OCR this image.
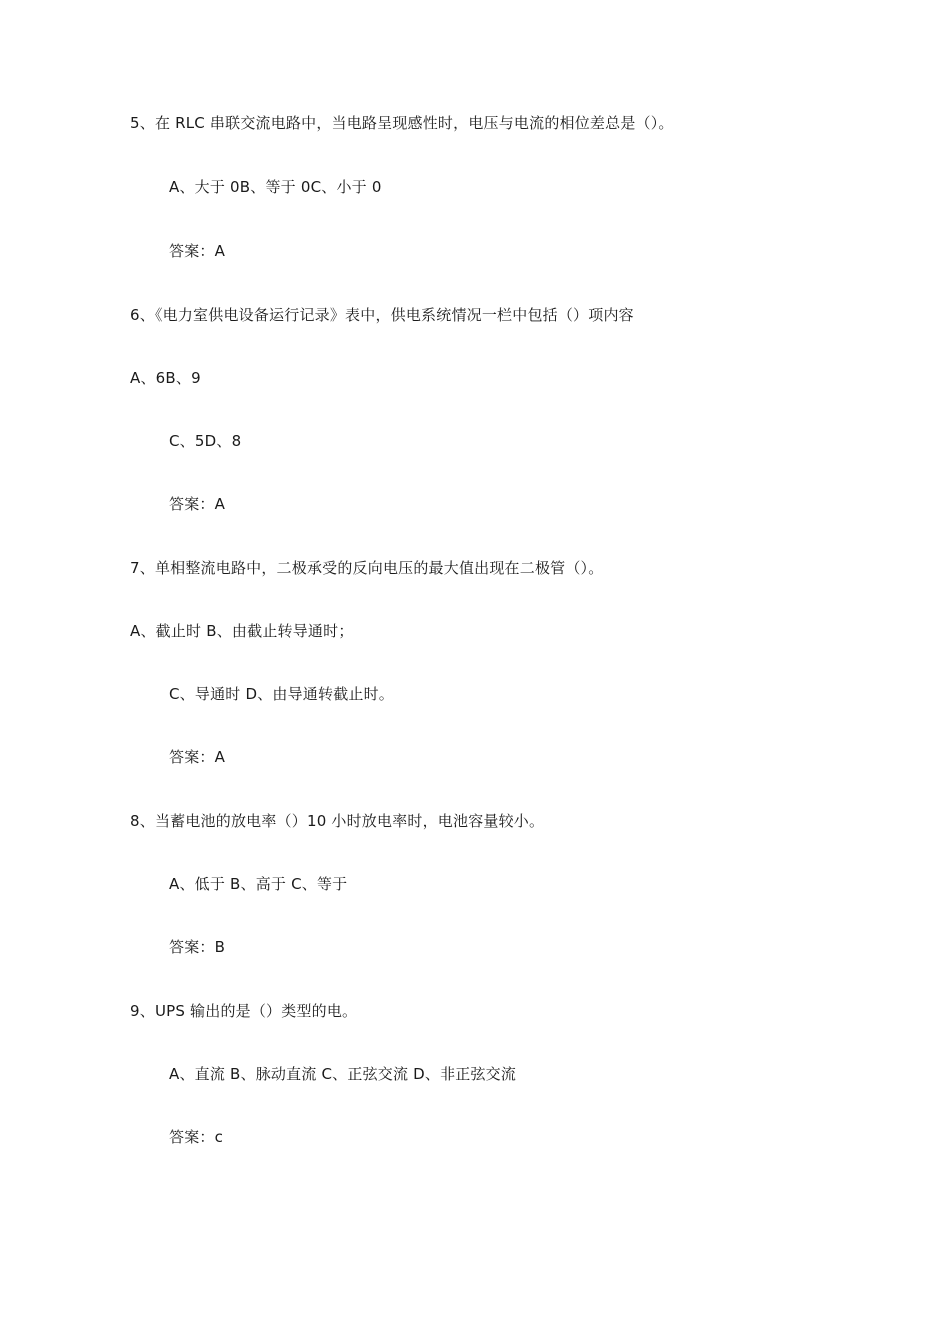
5、在 RLC 串联交流电路中，当电路呈现感性时，电压与电流的相位差总是（）。
A、大于 0B、等于 0C、小于 0
答案：A
6、《电力室供电设备运行记录》表中，供电系统情况一栏中包括（）项内容
A、6B、9
C、5D、8
答案：A
7、单相整流电路中，二极承受的反向电压的最大值出现在二极管（）。
A、截止时 B、由截止转导通时；
C、导通时 D、由导通转截止时。
答案：A
8、当蓄电池的放电率（）10 小时放电率时，电池容量较小。
A、低于 B、高于 C、等于
答案：B
9、UPS 输出的是（）类型的电。
A、直流 B、脉动直流 C、正弦交流 D、非正弦交流
答案：c
